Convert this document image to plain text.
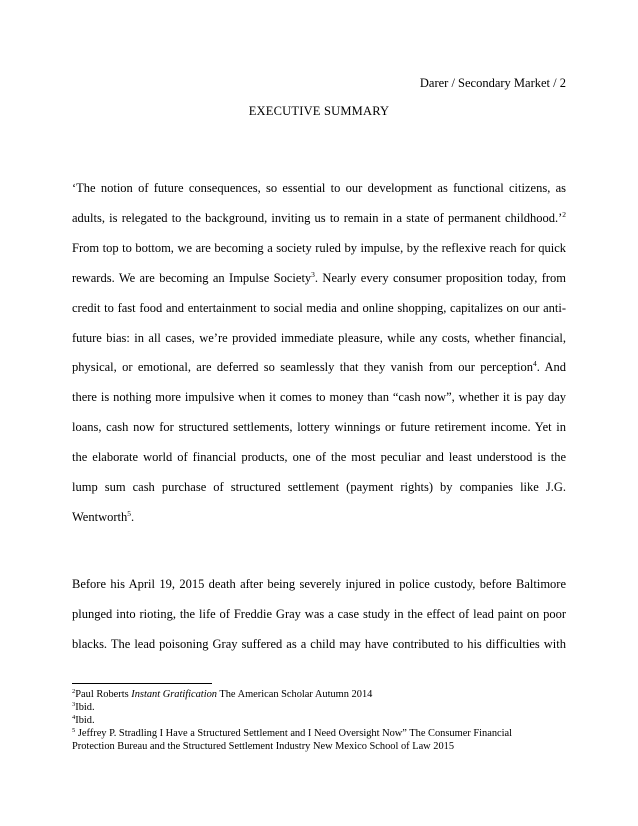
Darer / Secondary Market / 2
EXECUTIVE SUMMARY
‘The notion of future consequences, so essential to our development as functional citizens, as
adults, is relegated to the background, inviting us to remain in a state of permanent childhood.’$^2$
From top to bottom, we are becoming a society ruled by impulse, by the reflexive reach for quick
rewards. We are becoming an Impulse Society$^3$. Nearly every consumer proposition today, from
credit to fast food and entertainment to social media and online shopping, capitalizes on our anti-
future bias: in all cases, we’re provided immediate pleasure, while any costs, whether financial,
physical, or emotional, are deferred so seamlessly that they vanish from our perception$^4$. And
there is nothing more impulsive when it comes to money than “cash now”, whether it is pay day
loans, cash now for structured settlements, lottery winnings or future retirement income. Yet in
the elaborate world of financial products, one of the most peculiar and least understood is the
lump sum cash purchase of structured settlement (payment rights) by companies like J.G.
Wentworth$^5$.
Before his April 19, 2015 death after being severely injured in police custody, before Baltimore
plunged into rioting, the life of Freddie Gray was a case study in the effect of lead paint on poor
blacks. The lead poisoning Gray suffered as a child may have contributed to his difficulties with
$^2$Paul Roberts Instant Gratification The American Scholar Autumn 2014
$^3$Ibid.
$^4$Ibid.
$^5$ Jeffrey P. Stradling I Have a Structured Settlement and I Need Oversight Now” The Consumer Financial
Protection Bureau and the Structured Settlement Industry New Mexico School of Law 2015
